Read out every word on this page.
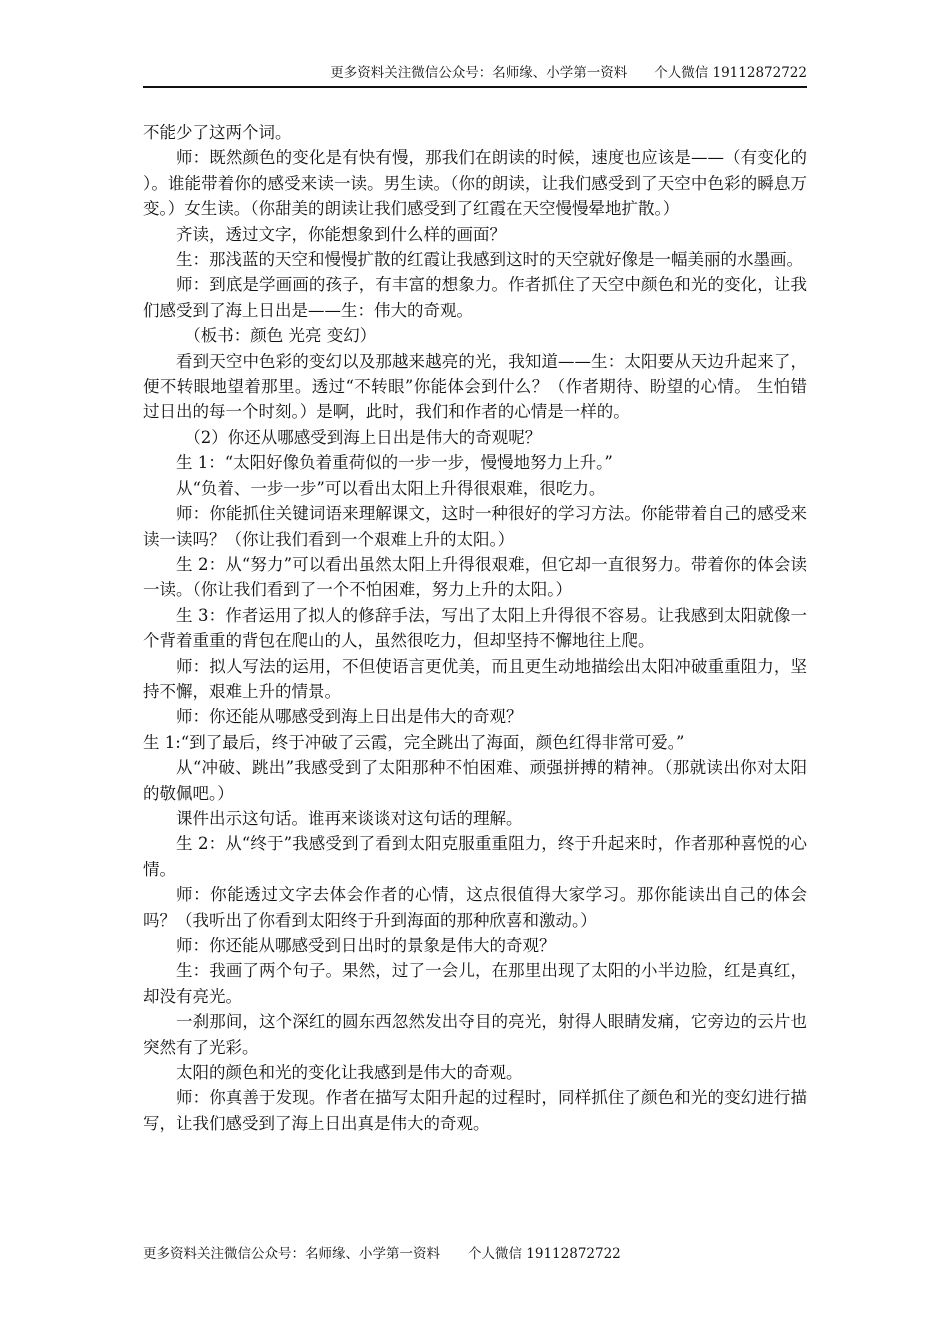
更多资料关注微信公众号：名师缘、小学第一资料　　个人微信 19112872722

不能少了这两个词。

师：既然颜色的变化是有快有慢，那我们在朗读的时候，速度也应该是——（有变化的 ）。谁能带着你的感受来读一读。男生读。（你的朗读，让我们感受到了天空中色彩的瞬息万变。）女生读。（你甜美的朗读让我们感受到了红霞在天空慢慢晕地扩散。）

齐读，透过文字，你能想象到什么样的画面？

生：那浅蓝的天空和慢慢扩散的红霞让我感到这时的天空就好像是一幅美丽的水墨画。

师：到底是学画画的孩子，有丰富的想象力。作者抓住了天空中颜色和光的变化，让我们感受到了海上日出是——生：伟大的奇观。

（板书：颜色 光亮 变幻）

看到天空中色彩的变幻以及那越来越亮的光，我知道——生：太阳要从天边升起来了，便不转眼地望着那里。透过“不转眼”你能体会到什么？（作者期待、盼望的心情。 生怕错过日出的每一个时刻。）是啊，此时，我们和作者的心情是一样的。

（2）你还从哪感受到海上日出是伟大的奇观呢？

生 1：“太阳好像负着重荷似的一步一步，慢慢地努力上升。”

从“负着、一步一步”可以看出太阳上升得很艰难，很吃力。

师：你能抓住关键词语来理解课文，这时一种很好的学习方法。你能带着自己的感受来读一读吗？（你让我们看到一个艰难上升的太阳。）

生 2：从“努力”可以看出虽然太阳上升得很艰难，但它却一直很努力。带着你的体会读一读。（你让我们看到了一个不怕困难，努力上升的太阳。）

生 3：作者运用了拟人的修辞手法，写出了太阳上升得很不容易。让我感到太阳就像一个背着重重的背包在爬山的人，虽然很吃力，但却坚持不懈地往上爬。

师：拟人写法的运用，不但使语言更优美，而且更生动地描绘出太阳冲破重重阻力，坚持不懈，艰难上升的情景。

师：你还能从哪感受到海上日出是伟大的奇观？

生 1:“到了最后，终于冲破了云霞，完全跳出了海面，颜色红得非常可爱。”

从“冲破、跳出”我感受到了太阳那种不怕困难、顽强拼搏的精神。（那就读出你对太阳的敬佩吧。）

课件出示这句话。谁再来谈谈对这句话的理解。

生 2：从“终于”我感受到了看到太阳克服重重阻力，终于升起来时，作者那种喜悦的心情。

师：你能透过文字去体会作者的心情，这点很值得大家学习。那你能读出自己的体会吗？（我听出了你看到太阳终于升到海面的那种欣喜和激动。）

师：你还能从哪感受到日出时的景象是伟大的奇观？

生：我画了两个句子。果然，过了一会儿，在那里出现了太阳的小半边脸，红是真红，却没有亮光。

一刹那间，这个深红的圆东西忽然发出夺目的亮光，射得人眼睛发痛，它旁边的云片也突然有了光彩。

太阳的颜色和光的变化让我感到是伟大的奇观。

师：你真善于发现。作者在描写太阳升起的过程时，同样抓住了颜色和光的变幻进行描写，让我们感受到了海上日出真是伟大的奇观。

更多资料关注微信公众号：名师缘、小学第一资料 个人微信 19112872722
